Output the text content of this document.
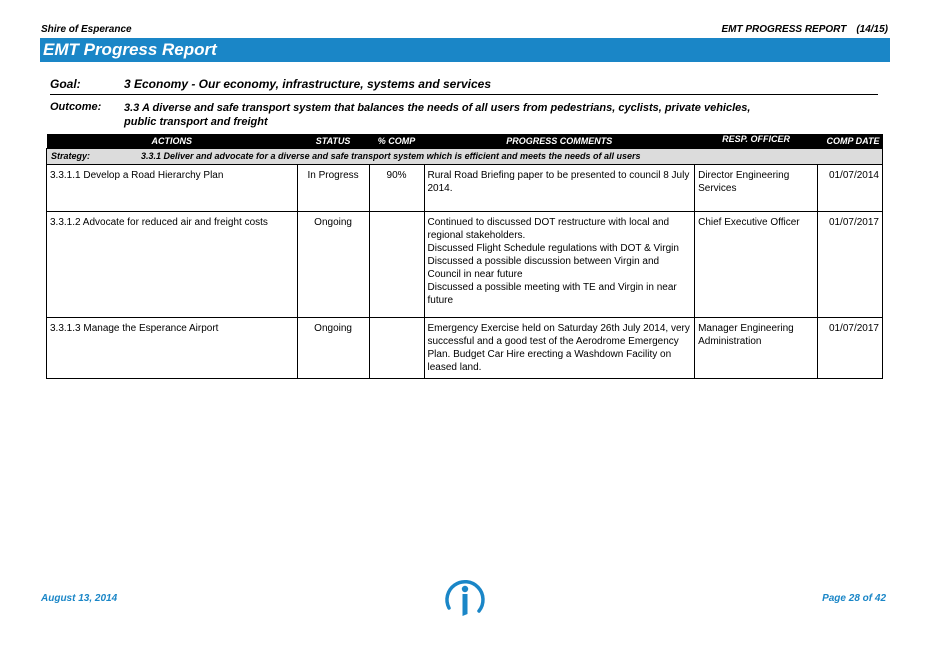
Shire of Esperance	EMT PROGRESS REPORT (14/15)
EMT Progress Report
Goal:	3 Economy - Our economy, infrastructure, systems and services
Outcome: 3.3 A diverse and safe transport system that balances the needs of all users from pedestrians, cyclists, private vehicles, public transport and freight
ACTIONS	STATUS	% COMP	PROGRESS COMMENTS	RESP. OFFICER	COMP DATE
Strategy: 3.3.1 Deliver and advocate for a diverse and safe transport system which is efficient and meets the needs of all users					
3.3.1.1 Develop a Road Hierarchy Plan	In Progress	90%	Rural Road Briefing paper to be presented to council 8 July 2014.	Director Engineering Services	01/07/2014
3.3.1.2 Advocate for reduced air and freight costs	Ongoing		Continued to discussed DOT restructure with local and regional stakeholders.
Discussed Flight Schedule regulations with DOT & Virgin
Discussed a possible discussion between Virgin and Council in near future
Discussed a possible meeting with TE and Virgin in near future	Chief Executive Officer	01/07/2017
3.3.1.3 Manage the Esperance Airport	Ongoing		Emergency Exercise held on Saturday 26th July 2014, very successful and a good test of the Aerodrome Emergency Plan. Budget Car Hire erecting a Washdown Facility on leased land.	Manager Engineering Administration	01/07/2017
August 13, 2014	Page 28 of 42
